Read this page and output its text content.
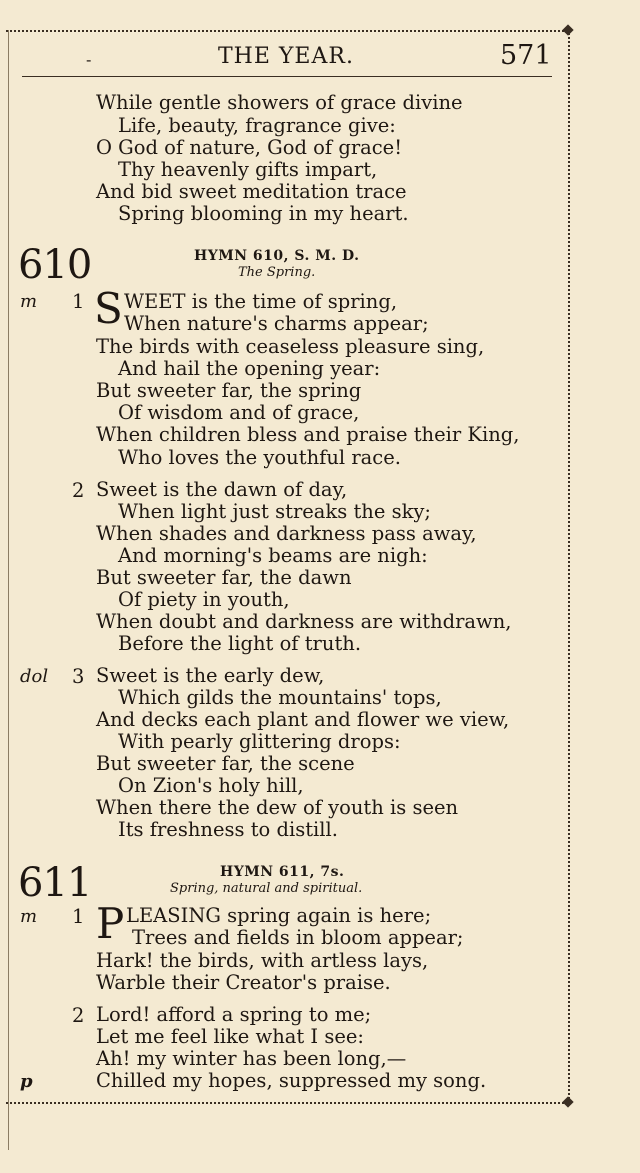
-	THE YEAR.	571
While gentle showers of grace divine
Life, beauty, fragrance give:
O God of nature, God of grace!
Thy heavenly gifts impart,
And bid sweet meditation trace
Spring blooming in my heart.
610	HYMN 610, S. M. D.
The Spring.
m 1 S WEET is the time of spring,
When nature's charms appear;
The birds with ceaseless pleasure sing,
And hail the opening year:
But sweeter far, the spring
Of wisdom and of grace,
When children bless and praise their King,
Who loves the youthful race.
2 Sweet is the dawn of day,
When light just streaks the sky;
When shades and darkness pass away,
And morning's beams are nigh:
But sweeter far, the dawn
Of piety in youth,
When doubt and darkness are withdrawn,
Before the light of truth.
dol 3 Sweet is the early dew,
Which gilds the mountains' tops,
And decks each plant and flower we view,
With pearly glittering drops:
But sweeter far, the scene
On Zion's holy hill,
When there the dew of youth is seen
Its freshness to distill.
611	HYMN 611, 7s.
Spring, natural and spiritual.
m 1 P LEASING spring again is here;
Trees and fields in bloom appear;
Hark! the birds, with artless lays,
Warble their Creator's praise.
2 Lord! afford a spring to me;
Let me feel like what I see:
Ah! my winter has been long,—
p	Chilled my hopes, suppressed my song.
